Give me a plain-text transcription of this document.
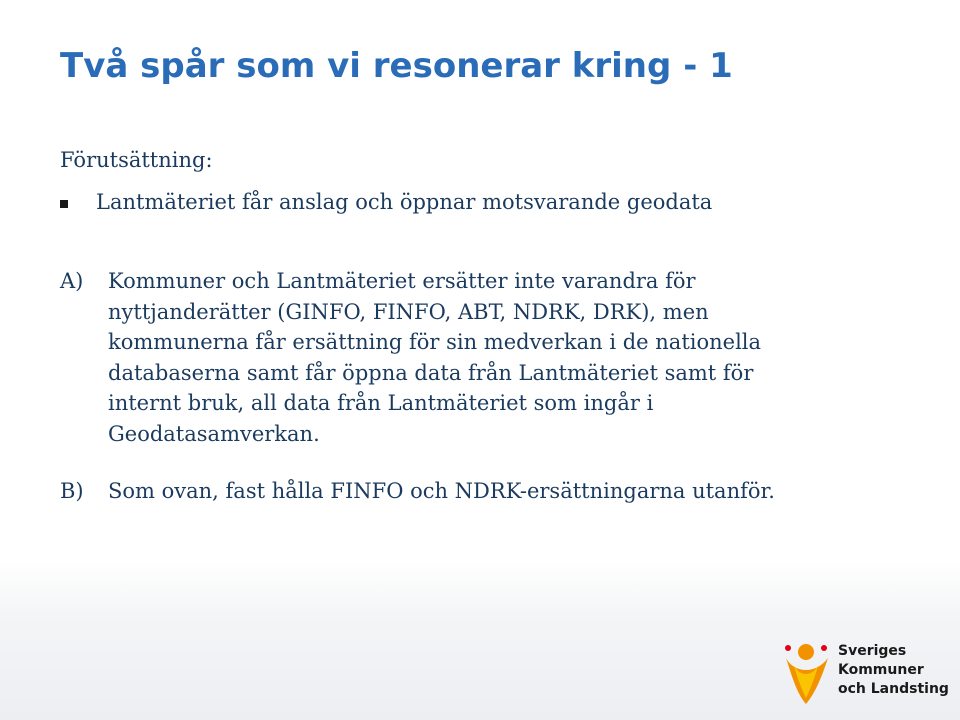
Två spår som vi resonerar kring - 1
Förutsättning:
Lantmäteriet får anslag och öppnar motsvarande geodata
A) Kommuner och Lantmäteriet ersätter inte varandra för
nyttjanderätter (GINFO, FINFO, ABT, NDRK, DRK), men
kommunerna får ersättning för sin medverkan i de nationella
databaserna samt får öppna data från Lantmäteriet samt för
internt bruk, all data från Lantmäteriet som ingår i
Geodatasamverkan.
B) Som ovan, fast hålla FINFO och NDRK-ersättningarna utanför.
Sveriges
Kommuner
och Landsting
